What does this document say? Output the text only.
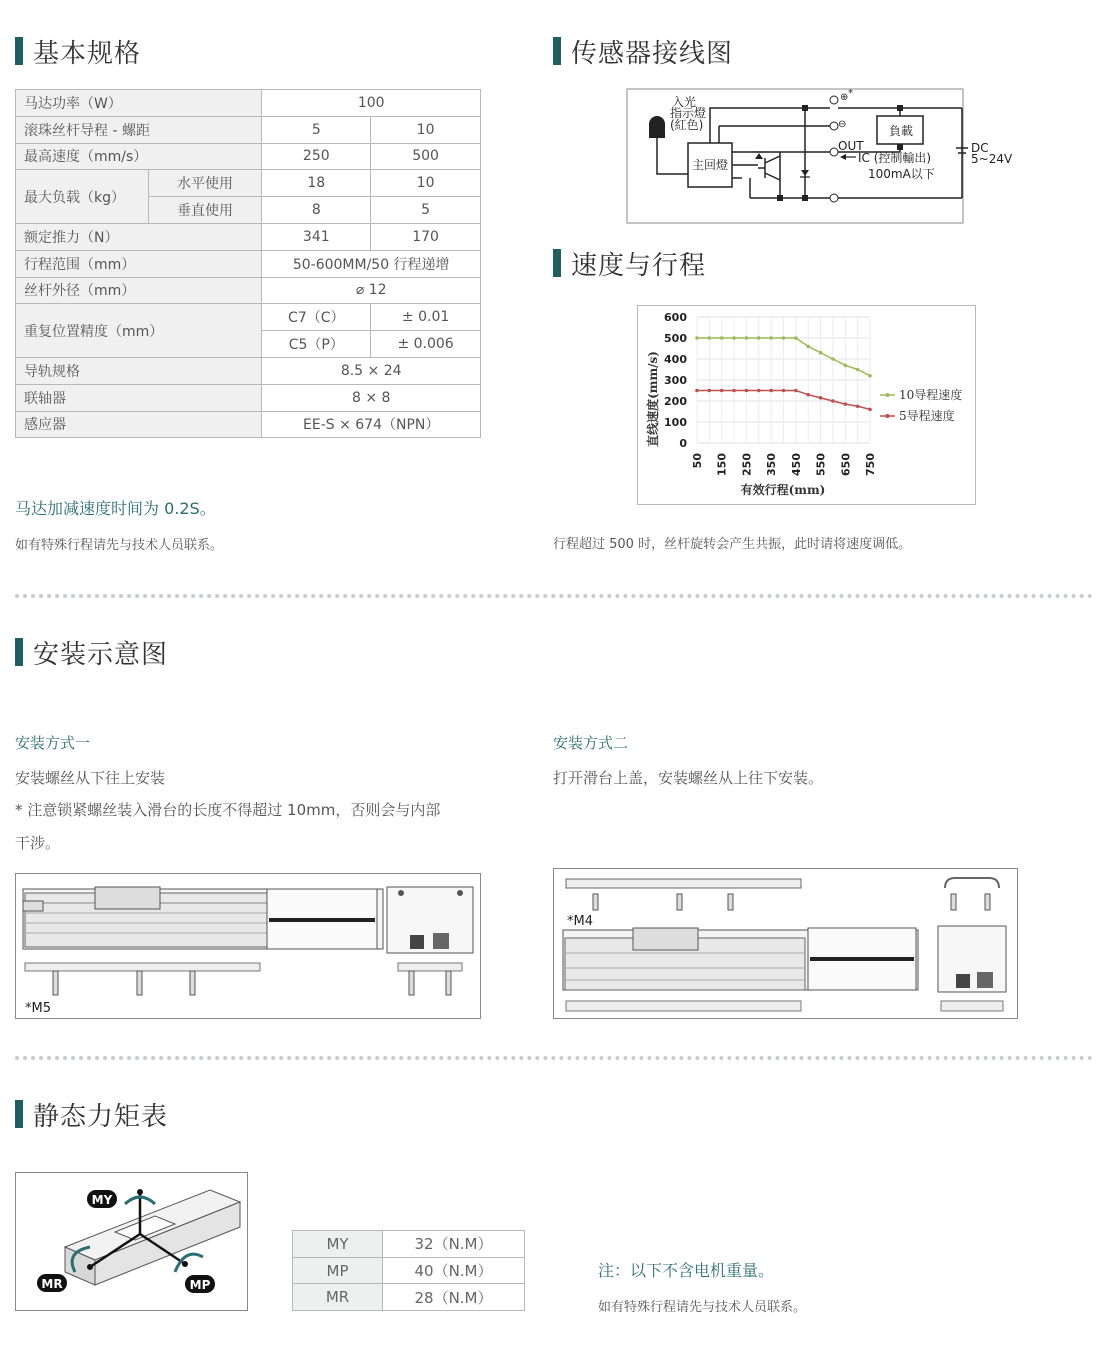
基本规格
马达功率（W）		100	
滚珠丝杆导程 - 螺距		5	10
最高速度（mm/s）		250	500
最大负载（kg）	水平使用	18	10
	垂直使用	8	5
额定推力（N）		341	170
行程范围（mm）		50-600MM/50 行程递增	
丝杆外径（mm）		⌀ 12	
重复位置精度（mm）		C7（C）	± 0.01
		C5（P）	± 0.006
导轨规格		8.5 × 24	
联轴器		8 × 8	
感应器		EE-S × 674（NPN）	
马达加减速度时间为 0.2S。
如有特殊行程请先与技术人员联系。
传感器接线图
入光
指示燈
(紅色)
主回燈
⊕ *
⊖	負載
DC
5~24V
OUT
IC (控制輸出)
100mA以下
速度与行程
600
500
400
300
200
100
0
50 150 250 350 450 550 650 750
直线速度(mm/s)
有效行程(mm)
10导程速度
5导程速度
行程超过 500 时，丝杆旋转会产生共振，此时请将速度调低。
安装示意图
安装方式一
安装螺丝从下往上安装
* 注意锁紧螺丝装入滑台的长度不得超过 10mm，否则会与内部
干涉。
安装方式二
打开滑台上盖，安装螺丝从上往下安装。
*M5
*M4
静态力矩表
MY
MR	MP
MY	32（N.M）
MP	40（N.M）
MR	28（N.M）
注：以下不含电机重量。
如有特殊行程请先与技术人员联系。
